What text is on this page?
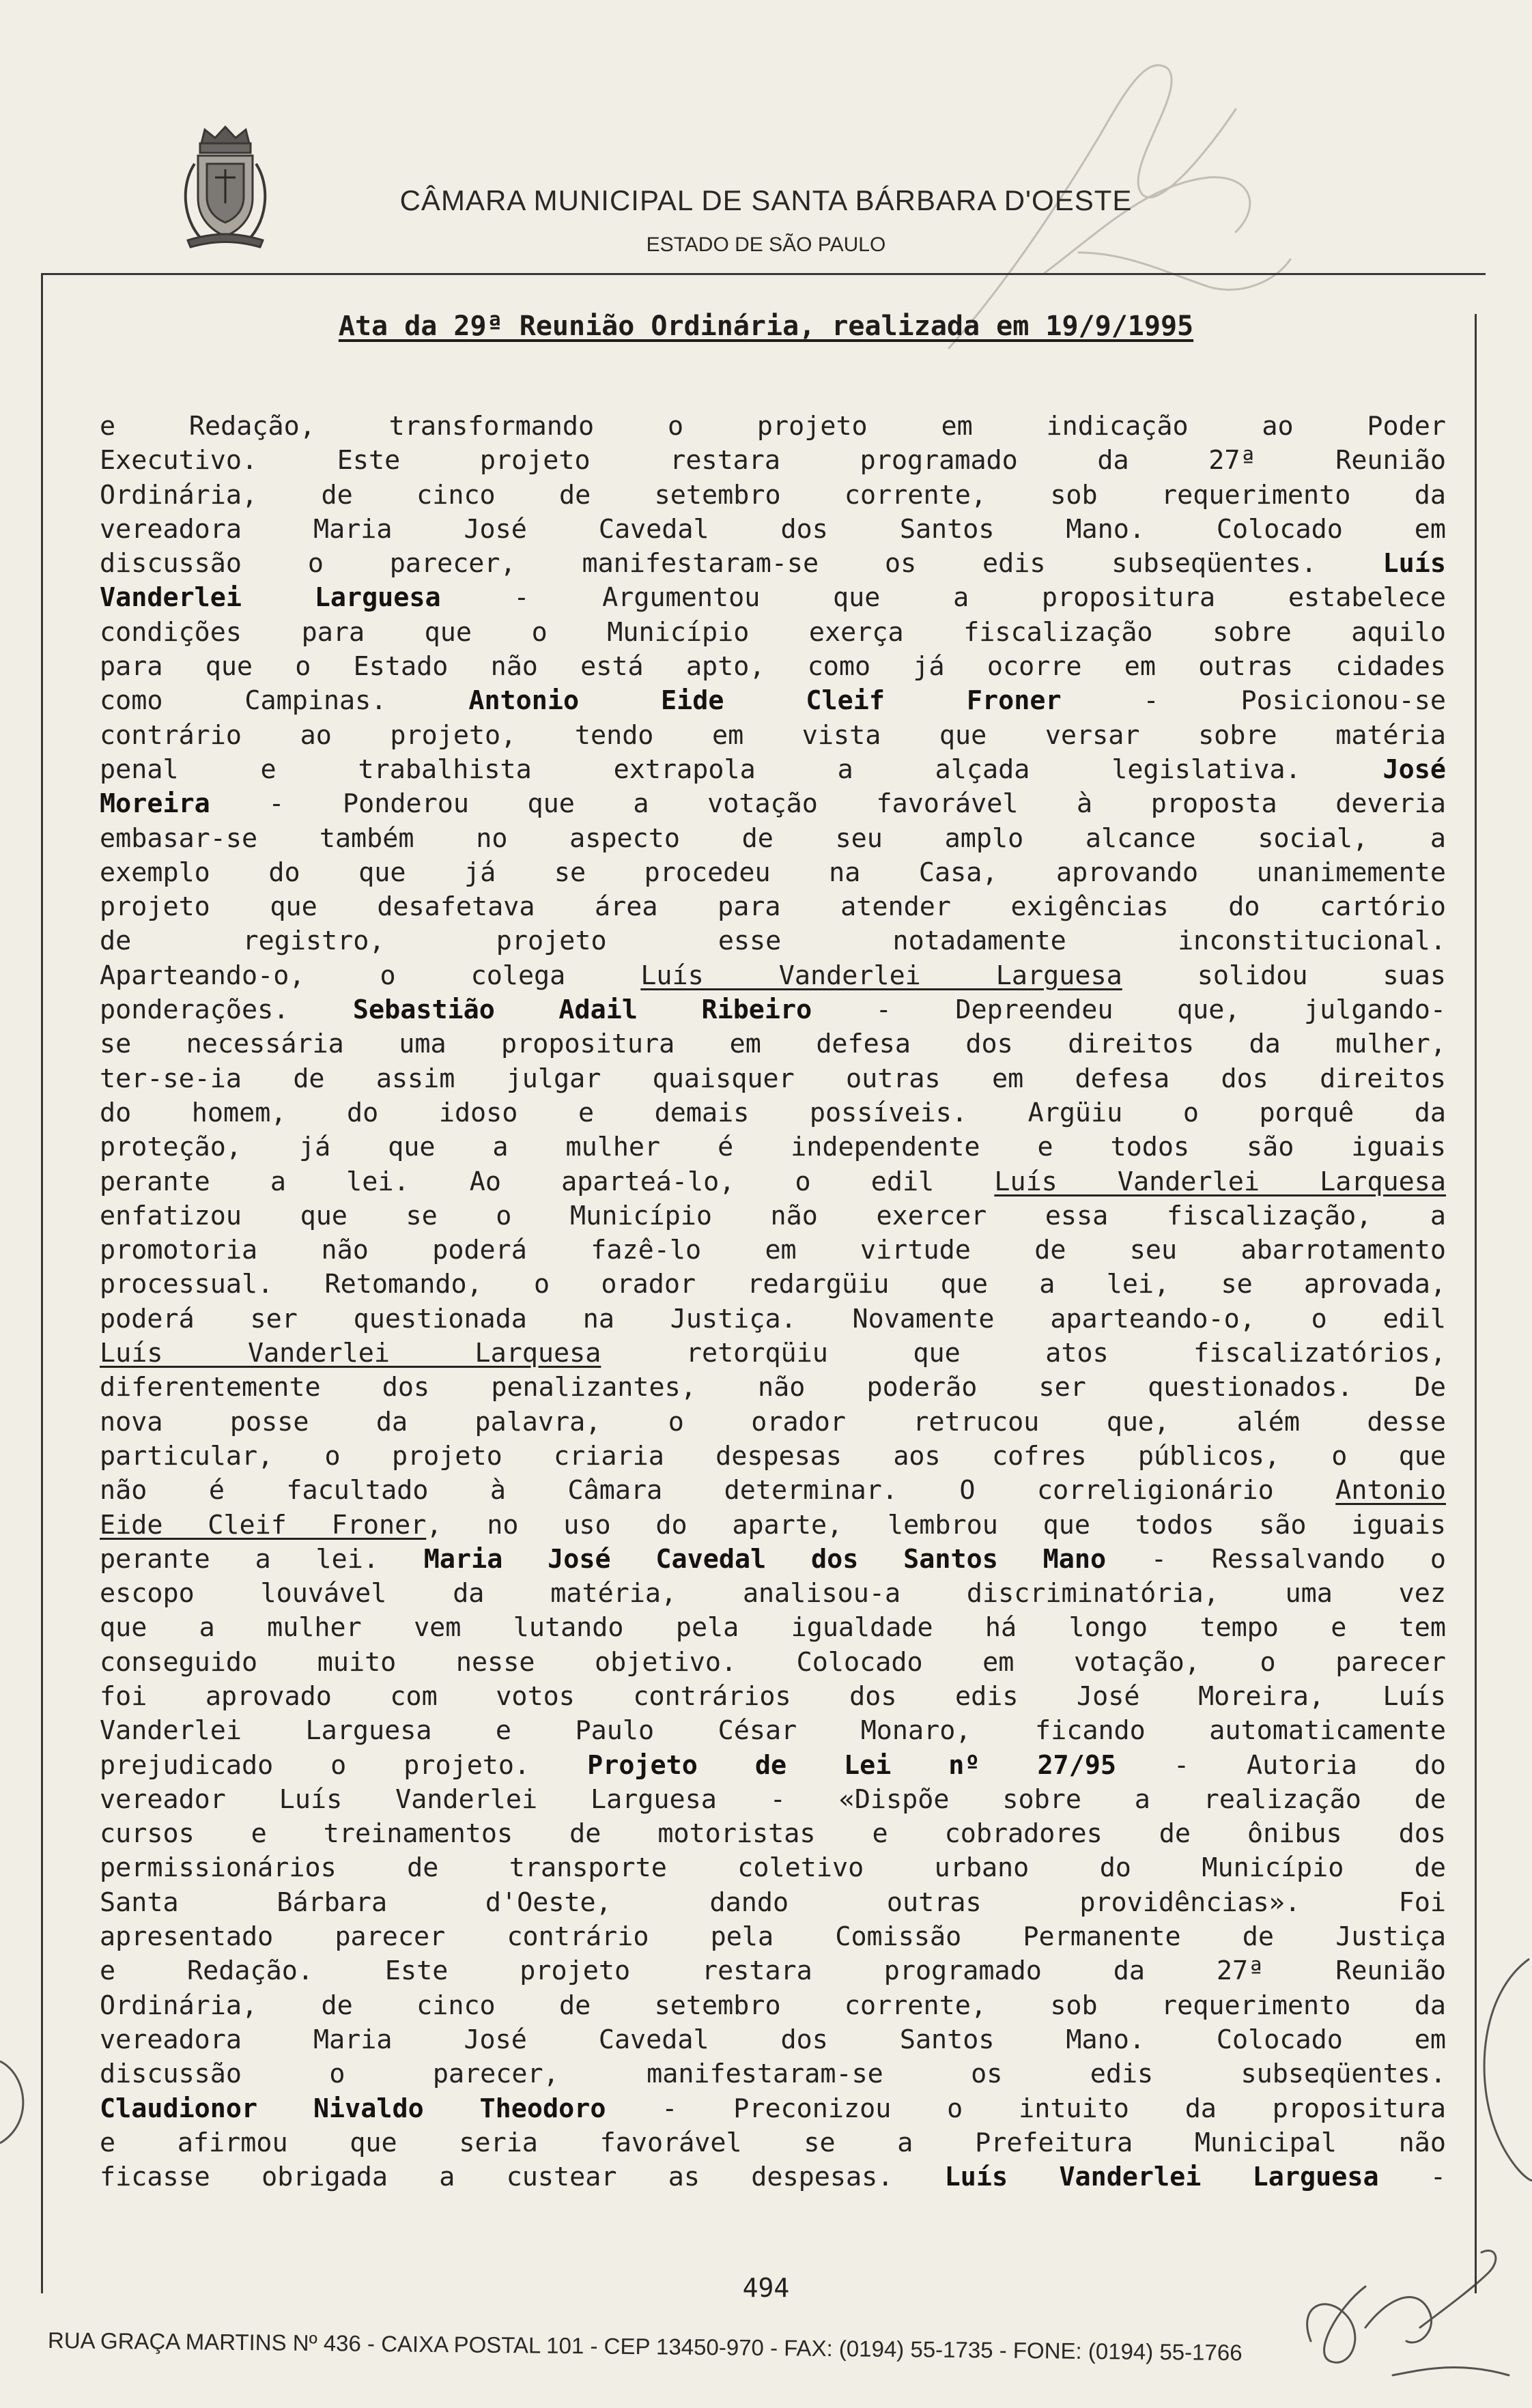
CÂMARA MUNICIPAL DE SANTA BÁRBARA D'OESTE
ESTADO DE SÃO PAULO
Ata da 29ª Reunião Ordinária, realizada em 19/9/1995
e Redação, transformando o projeto em indicação ao Poder
Executivo. Este projeto restara programado da 27ª Reunião
Ordinária, de cinco de setembro corrente, sob requerimento da
vereadora Maria José Cavedal dos Santos Mano. Colocado em
discussão o parecer, manifestaram-se os edis subseqüentes. Luís
Vanderlei Larguesa - Argumentou que a propositura estabelece
condições para que o Município exerça fiscalização sobre aquilo
para que o Estado não está apto, como já ocorre em outras cidades
como Campinas. Antonio Eide Cleif Froner - Posicionou-se
contrário ao projeto, tendo em vista que versar sobre matéria
penal e trabalhista extrapola a alçada legislativa. José
Moreira - Ponderou que a votação favorável à proposta deveria
embasar-se também no aspecto de seu amplo alcance social, a
exemplo do que já se procedeu na Casa, aprovando unanimemente
projeto que desafetava área para atender exigências do cartório
de registro, projeto esse notadamente inconstitucional.
Aparteando-o, o colega Luís Vanderlei Larguesa solidou suas
ponderações. Sebastião Adail Ribeiro - Depreendeu que, julgando-
se necessária uma propositura em defesa dos direitos da mulher,
ter-se-ia de assim julgar quaisquer outras em defesa dos direitos
do homem, do idoso e demais possíveis. Argüiu o porquê da
proteção, já que a mulher é independente e todos são iguais
perante a lei. Ao aparteá-lo, o edil Luís Vanderlei Larquesa
enfatizou que se o Município não exercer essa fiscalização, a
promotoria não poderá fazê-lo em virtude de seu abarrotamento
processual. Retomando, o orador redargüiu que a lei, se aprovada,
poderá ser questionada na Justiça. Novamente aparteando-o, o edil
Luís Vanderlei Larquesa retorqüiu que atos fiscalizatórios,
diferentemente dos penalizantes, não poderão ser questionados. De
nova posse da palavra, o orador retrucou que, além desse
particular, o projeto criaria despesas aos cofres públicos, o que
não é facultado à Câmara determinar. O correligionário Antonio
Eide Cleif Froner, no uso do aparte, lembrou que todos são iguais
perante a lei. Maria José Cavedal dos Santos Mano - Ressalvando o
escopo louvável da matéria, analisou-a discriminatória, uma vez
que a mulher vem lutando pela igualdade há longo tempo e tem
conseguido muito nesse objetivo. Colocado em votação, o parecer
foi aprovado com votos contrários dos edis José Moreira, Luís
Vanderlei Larguesa e Paulo César Monaro, ficando automaticamente
prejudicado o projeto. Projeto de Lei nº 27/95 - Autoria do
vereador Luís Vanderlei Larguesa - «Dispõe sobre a realização de
cursos e treinamentos de motoristas e cobradores de ônibus dos
permissionários de transporte coletivo urbano do Município de
Santa Bárbara d'Oeste, dando outras providências». Foi
apresentado parecer contrário pela Comissão Permanente de Justiça
e Redação. Este projeto restara programado da 27ª Reunião
Ordinária, de cinco de setembro corrente, sob requerimento da
vereadora Maria José Cavedal dos Santos Mano. Colocado em
discussão o parecer, manifestaram-se os edis subseqüentes.
Claudionor Nivaldo Theodoro - Preconizou o intuito da propositura
e afirmou que seria favorável se a Prefeitura Municipal não
ficasse obrigada a custear as despesas. Luís Vanderlei Larguesa -
494
RUA GRAÇA MARTINS Nº 436 - CAIXA POSTAL 101 - CEP 13450-970 - FAX: (0194) 55-1735 - FONE: (0194) 55-1766
